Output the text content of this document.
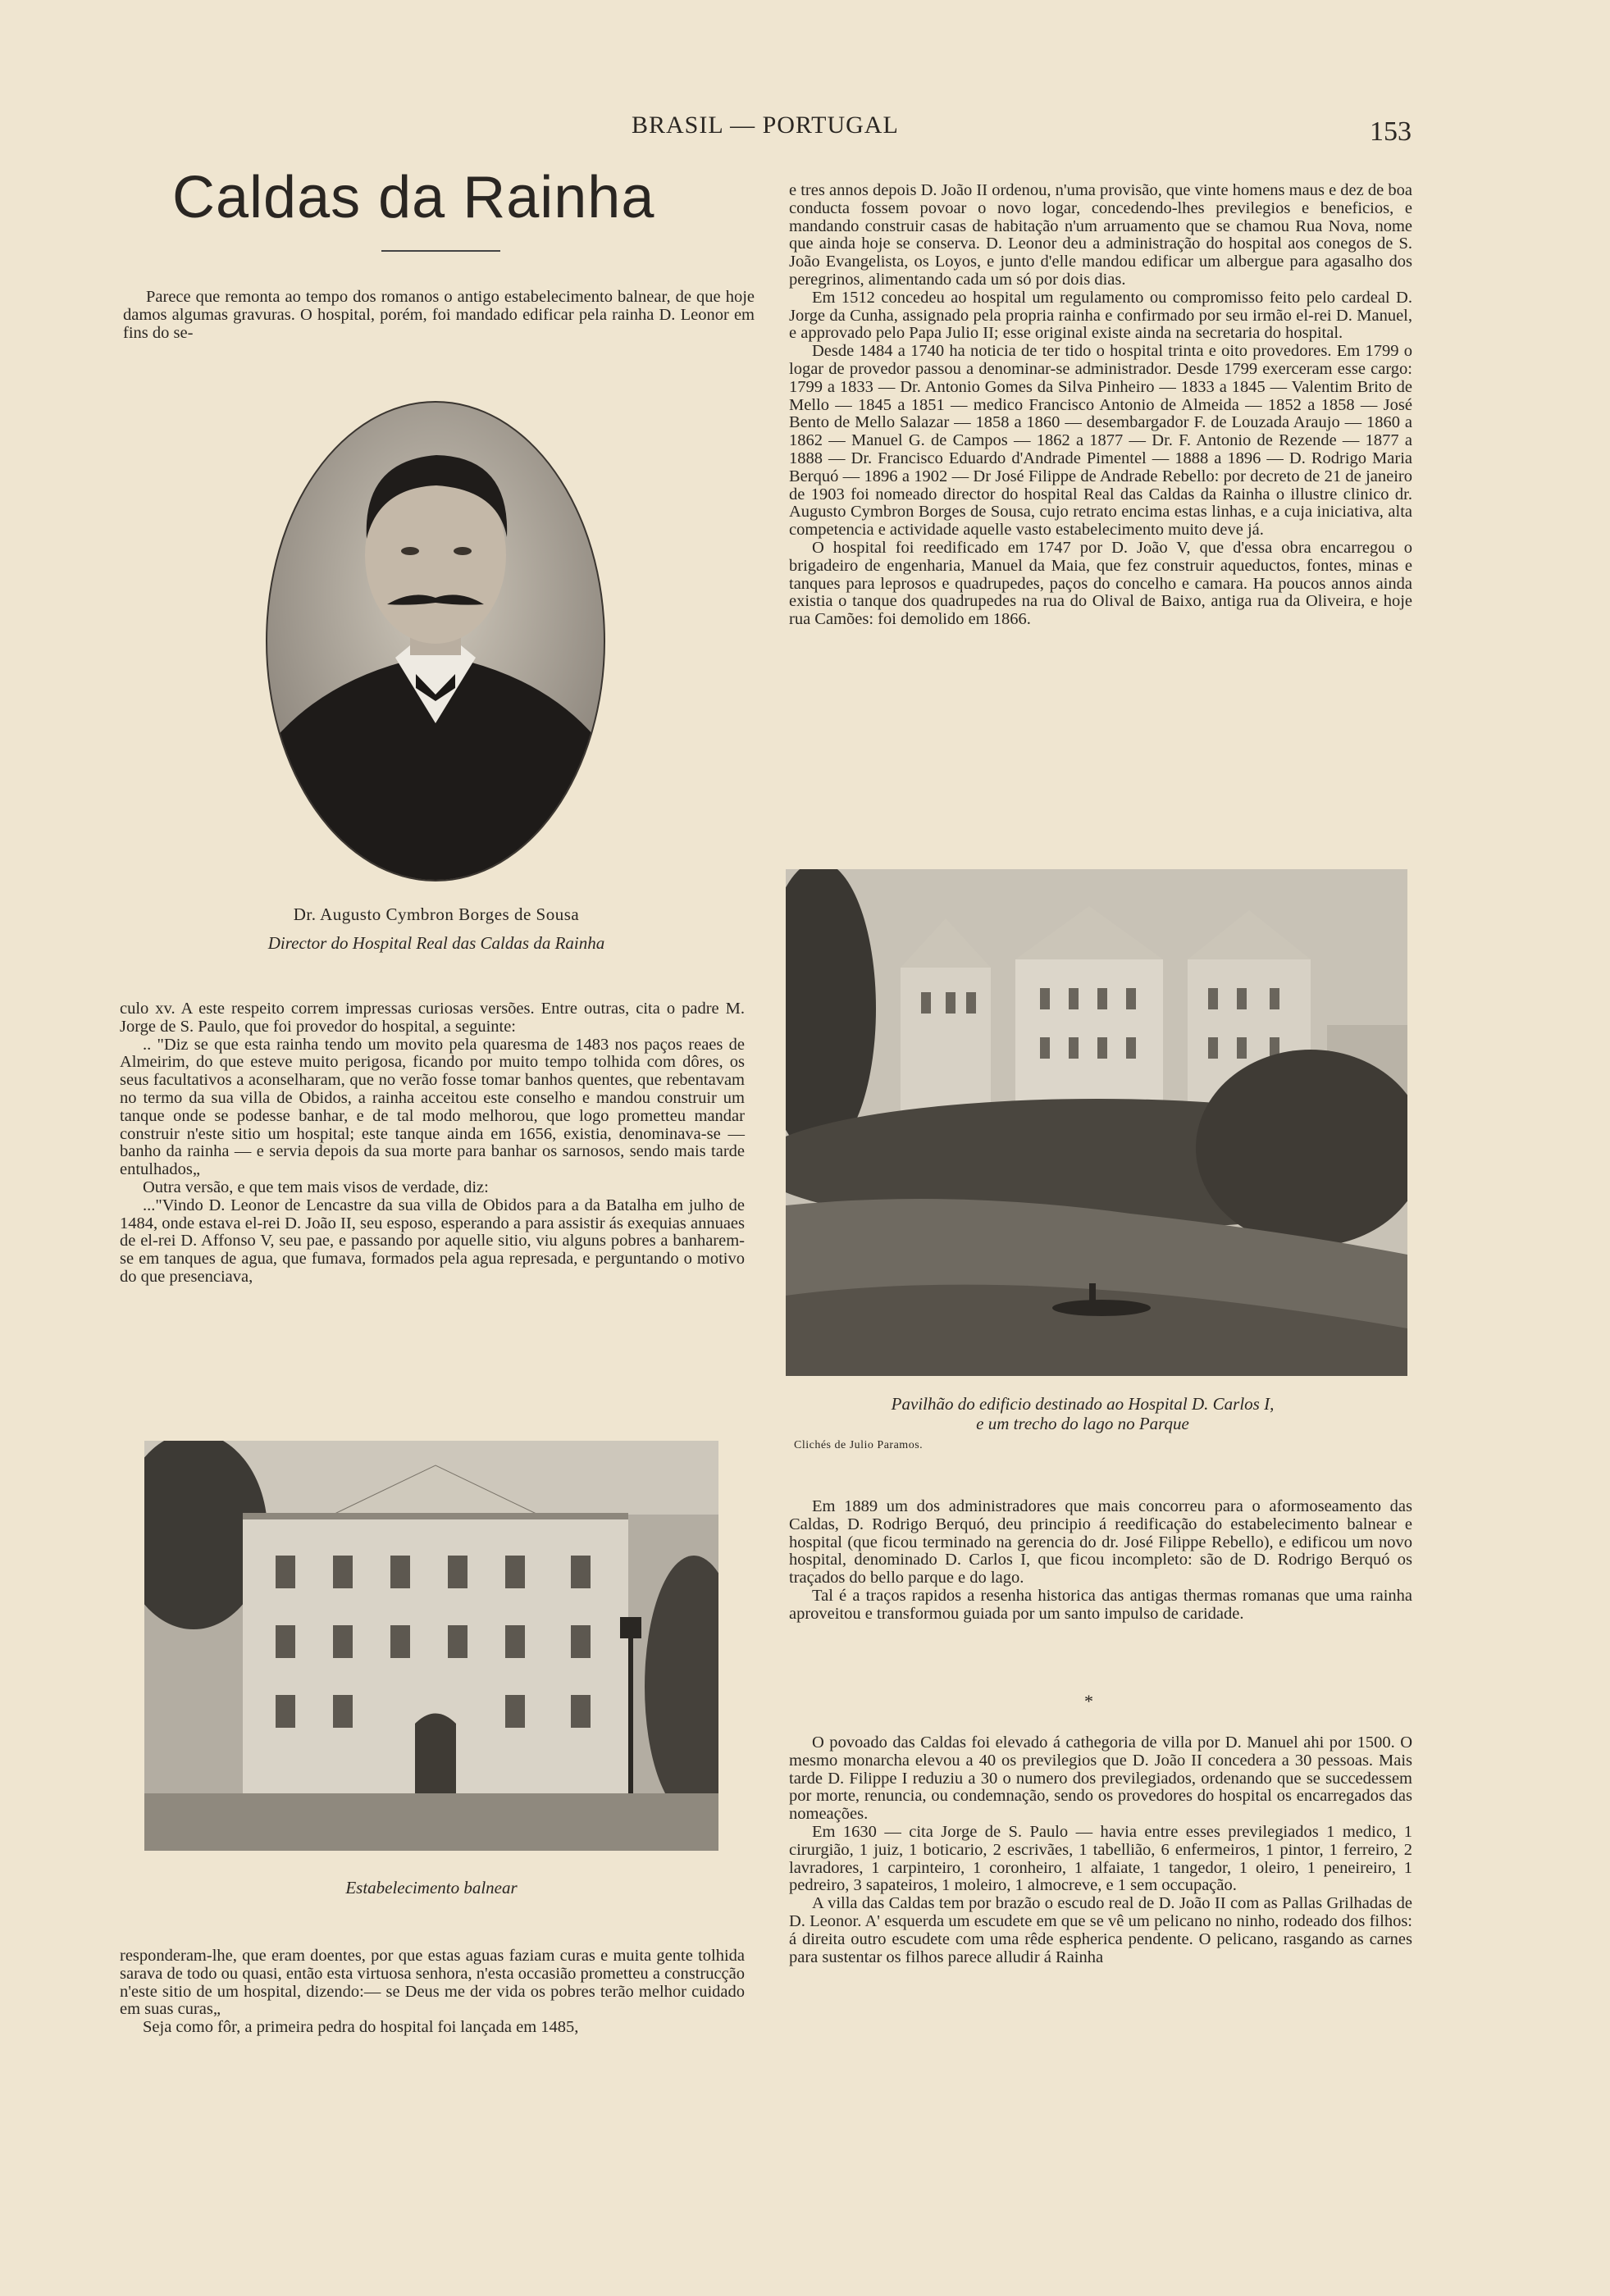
BRASIL — PORTUGAL	153
Caldas da Rainha

Parece que remonta ao tempo dos romanos o antigo estabelecimento balnear, de que hoje damos algumas gravuras. O hospital, porém, foi mandado edificar pela rainha D. Leonor em fins do se-

Dr. Augusto Cymbron Borges de Sousa
Director do Hospital Real das Caldas da Rainha

culo xv. A este respeito correm impressas curiosas versões. Entre outras, cita o padre M. Jorge de S. Paulo, que foi provedor do hospital, a seguinte:

.. "Diz se que esta rainha tendo um movito pela quaresma de 1483 nos paços reaes de Almeirim, do que esteve muito perigosa, ficando por muito tempo tolhida com dôres, os seus facultativos a aconselharam, que no verão fosse tomar banhos quentes, que rebentavam no termo da sua villa de Obidos, a rainha acceitou este conselho e mandou construir um tanque onde se podesse banhar, e de tal modo melhorou, que logo prometteu mandar construir n'este sitio um hospital; este tanque ainda em 1656, existia, denominava-se — banho da rainha — e servia depois da sua morte para banhar os sarnosos, sendo mais tarde entulhados„

Outra versão, e que tem mais visos de verdade, diz:

..."Vindo D. Leonor de Lencastre da sua villa de Obidos para a da Batalha em julho de 1484, onde estava el-rei D. João II, seu esposo, esperando a para assistir ás exequias annuaes de el-rei D. Affonso V, seu pae, e passando por aquelle sitio, viu alguns pobres a banharem-se em tanques de agua, que fumava, formados pela agua represada, e perguntando o motivo do que presenciava,

Estabelecimento balnear

responderam-lhe, que eram doentes, por que estas aguas faziam curas e muita gente tolhida sarava de todo ou quasi, então esta virtuosa senhora, n'esta occasião prometteu a construcção n'este sitio de um hospital, dizendo:— se Deus me der vida os pobres terão melhor cuidado em suas curas„

Seja como fôr, a primeira pedra do hospital foi lançada em 1485,

e tres annos depois D. João II ordenou, n'uma provisão, que vinte homens maus e dez de boa conducta fossem povoar o novo logar, concedendo-lhes previlegios e beneficios, e mandando construir casas de habitação n'um arruamento que se chamou Rua Nova, nome que ainda hoje se conserva. D. Leonor deu a administração do hospital aos conegos de S. João Evangelista, os Loyos, e junto d'elle mandou edificar um albergue para agasalho dos peregrinos, alimentando cada um só por dois dias.

Em 1512 concedeu ao hospital um regulamento ou compromisso feito pelo cardeal D. Jorge da Cunha, assignado pela propria rainha e confirmado por seu irmão el-rei D. Manuel, e approvado pelo Papa Julio II; esse original existe ainda na secretaria do hospital.

Desde 1484 a 1740 ha noticia de ter tido o hospital trinta e oito provedores. Em 1799 o logar de provedor passou a denominar-se administrador. Desde 1799 exerceram esse cargo: 1799 a 1833 — Dr. Antonio Gomes da Silva Pinheiro — 1833 a 1845 — Valentim Brito de Mello — 1845 a 1851 — medico Francisco Antonio de Almeida — 1852 a 1858 — José Bento de Mello Salazar — 1858 a 1860 — desembargador F. de Louzada Araujo — 1860 a 1862 — Manuel G. de Campos — 1862 a 1877 — Dr. F. Antonio de Rezende — 1877 a 1888 — Dr. Francisco Eduardo d'Andrade Pimentel — 1888 a 1896 — D. Rodrigo Maria Berquó — 1896 a 1902 — Dr José Filippe de Andrade Rebello: por decreto de 21 de janeiro de 1903 foi nomeado director do hospital Real das Caldas da Rainha o illustre clinico dr. Augusto Cymbron Borges de Sousa, cujo retrato encima estas linhas, e a cuja iniciativa, alta competencia e actividade aquelle vasto estabelecimento muito deve já.

O hospital foi reedificado em 1747 por D. João V, que d'essa obra encarregou o brigadeiro de engenharia, Manuel da Maia, que fez construir aqueductos, fontes, minas e tanques para leprosos e quadrupedes, paços do concelho e camara. Ha poucos annos ainda existia o tanque dos quadrupedes na rua do Olival de Baixo, antiga rua da Oliveira, e hoje rua Camões: foi demolido em 1866.

Pavilhão do edificio destinado ao Hospital D. Carlos I,
e um trecho do lago no Parque
Clichés de Julio Paramos.

Em 1889 um dos administradores que mais concorreu para o aformoseamento das Caldas, D. Rodrigo Berquó, deu principio á reedificação do estabelecimento balnear e hospital (que ficou terminado na gerencia do dr. José Filippe Rebello), e edificou um novo hospital, denominado D. Carlos I, que ficou incompleto: são de D. Rodrigo Berquó os traçados do bello parque e do lago.

Tal é a traços rapidos a resenha historica das antigas thermas romanas que uma rainha aproveitou e transformou guiada por um santo impulso de caridade.

*

O povoado das Caldas foi elevado á cathegoria de villa por D. Manuel ahi por 1500. O mesmo monarcha elevou a 40 os previlegios que D. João II concedera a 30 pessoas. Mais tarde D. Filippe I reduziu a 30 o numero dos previlegiados, ordenando que se succedessem por morte, renuncia, ou condemnação, sendo os provedores do hospital os encarregados das nomeações.

Em 1630 — cita Jorge de S. Paulo — havia entre esses previlegiados 1 medico, 1 cirurgião, 1 juiz, 1 boticario, 2 escrivães, 1 tabellião, 6 enfermeiros, 1 pintor, 1 ferreiro, 2 lavradores, 1 carpinteiro, 1 coronheiro, 1 alfaiate, 1 tangedor, 1 oleiro, 1 peneireiro, 1 pedreiro, 3 sapateiros, 1 moleiro, 1 almocreve, e 1 sem occupação.

A villa das Caldas tem por brazão o escudo real de D. João II com as Pallas Grilhadas de D. Leonor. A' esquerda um escudete em que se vê um pelicano no ninho, rodeado dos filhos: á direita outro escudete com uma rêde espherica pendente. O pelicano, rasgando as carnes para sustentar os filhos parece alludir á Rainha
